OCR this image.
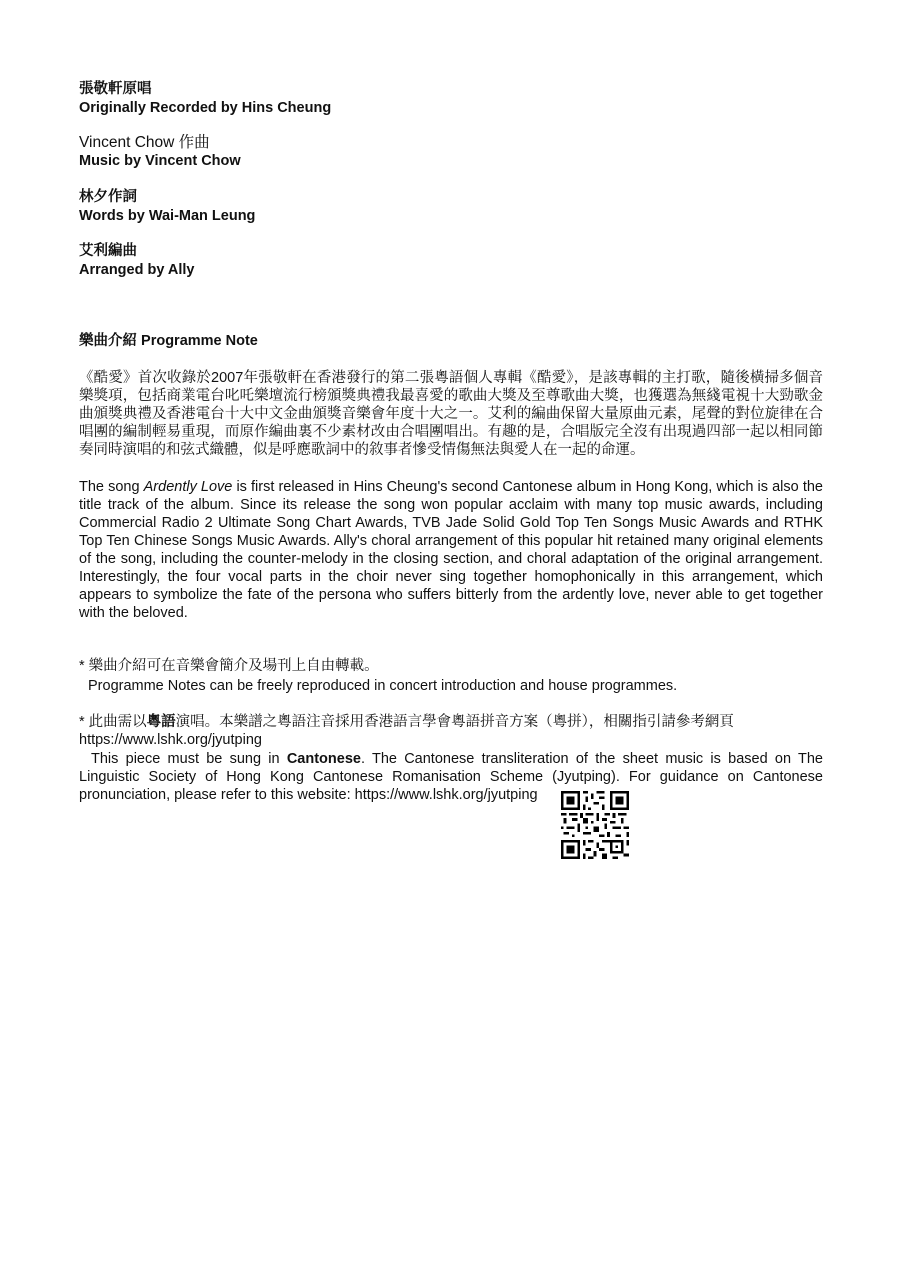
張敬軒原唱
Originally Recorded by Hins Cheung
Vincent Chow 作曲
Music by Vincent Chow
林夕作詞
Words by Wai-Man Leung
艾利編曲
Arranged by Ally
樂曲介紹 Programme Note
《酷愛》首次收錄於2007年張敬軒在香港發行的第二張粵語個人專輯《酷愛》，是該專輯的主打歌，隨後橫掃多個音樂獎項，包括商業電台叱吒樂壇流行榜頒獎典禮我最喜愛的歌曲大獎及至尊歌曲大獎，也獲選為無綫電視十大勁歌金曲頒獎典禮及香港電台十大中文金曲頒獎音樂會年度十大之一。艾利的編曲保留大量原曲元素，尾聲的對位旋律在合唱團的編制輕易重現，而原作編曲裏不少素材改由合唱團唱出。有趣的是，合唱版完全沒有出現過四部一起以相同節奏同時演唱的和弦式織體，似是呼應歌詞中的敘事者慘受情傷無法與愛人在一起的命運。
The song Ardently Love is first released in Hins Cheung's second Cantonese album in Hong Kong, which is also the title track of the album. Since its release the song won popular acclaim with many top music awards, including Commercial Radio 2 Ultimate Song Chart Awards, TVB Jade Solid Gold Top Ten Songs Music Awards and RTHK Top Ten Chinese Songs Music Awards. Ally's choral arrangement of this popular hit retained many original elements of the song, including the counter-melody in the closing section, and choral adaptation of the original arrangement. Interestingly, the four vocal parts in the choir never sing together homophonically in this arrangement, which appears to symbolize the fate of the persona who suffers bitterly from the ardently love, never able to get together with the beloved.
* 樂曲介紹可在音樂會簡介及場刊上自由轉載。
Programme Notes can be freely reproduced in concert introduction and house programmes.
* 此曲需以粵語演唱。本樂譜之粵語注音採用香港語言學會粵語拼音方案（粵拼），相關指引請參考網頁 https://www.lshk.org/jyutping
This piece must be sung in Cantonese. The Cantonese transliteration of the sheet music is based on The Linguistic Society of Hong Kong Cantonese Romanisation Scheme (Jyutping). For guidance on Cantonese pronunciation, please refer to this website: https://www.lshk.org/jyutping
